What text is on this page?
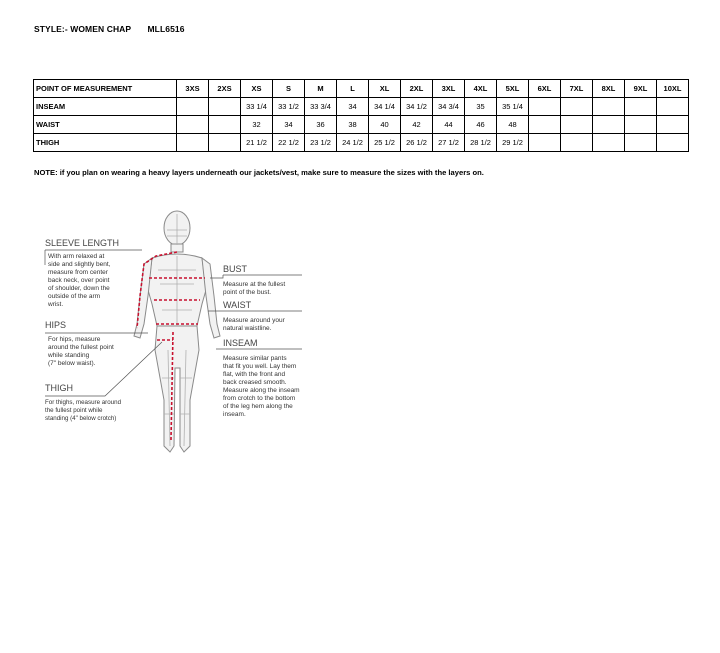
STYLE:- WOMEN CHAP MLL6516
POINT OF MEASUREMENT	3XS	2XS	XS	S	M	L	XL	2XL	3XL	4XL	5XL	6XL	7XL	8XL	9XL	10XL
INSEAM			33 1/4	33 1/2	33 3/4	34	34 1/4	34 1/2	34 3/4	35	35 1/4					
WAIST			32	34	36	38	40	42	44	46	48					
THIGH			21 1/2	22 1/2	23 1/2	24 1/2	25 1/2	26 1/2	27 1/2	28 1/2	29 1/2					
NOTE: if you plan on wearing a heavy layers underneath our jackets/vest, make sure to measure the sizes with the layers on.
SLEEVE LENGTH
With arm relaxed at
side and slightly bent,
measure from center
back neck, over point
of shoulder, down the
outside of the arm
wrist.
HIPS
For hips, measure
around the fullest point
while standing
(7" below waist).
THIGH
For thighs, measure around
the fullest point while
standing (4" below crotch)
BUST
Measure at the fullest
point of the bust.
WAIST
Measure around your
natural waistline.
INSEAM
Measure similar pants
that fit you well. Lay them
flat, with the front and
back creased smooth.
Measure along the inseam
from crotch to the bottom
of the leg hem along the
inseam.
